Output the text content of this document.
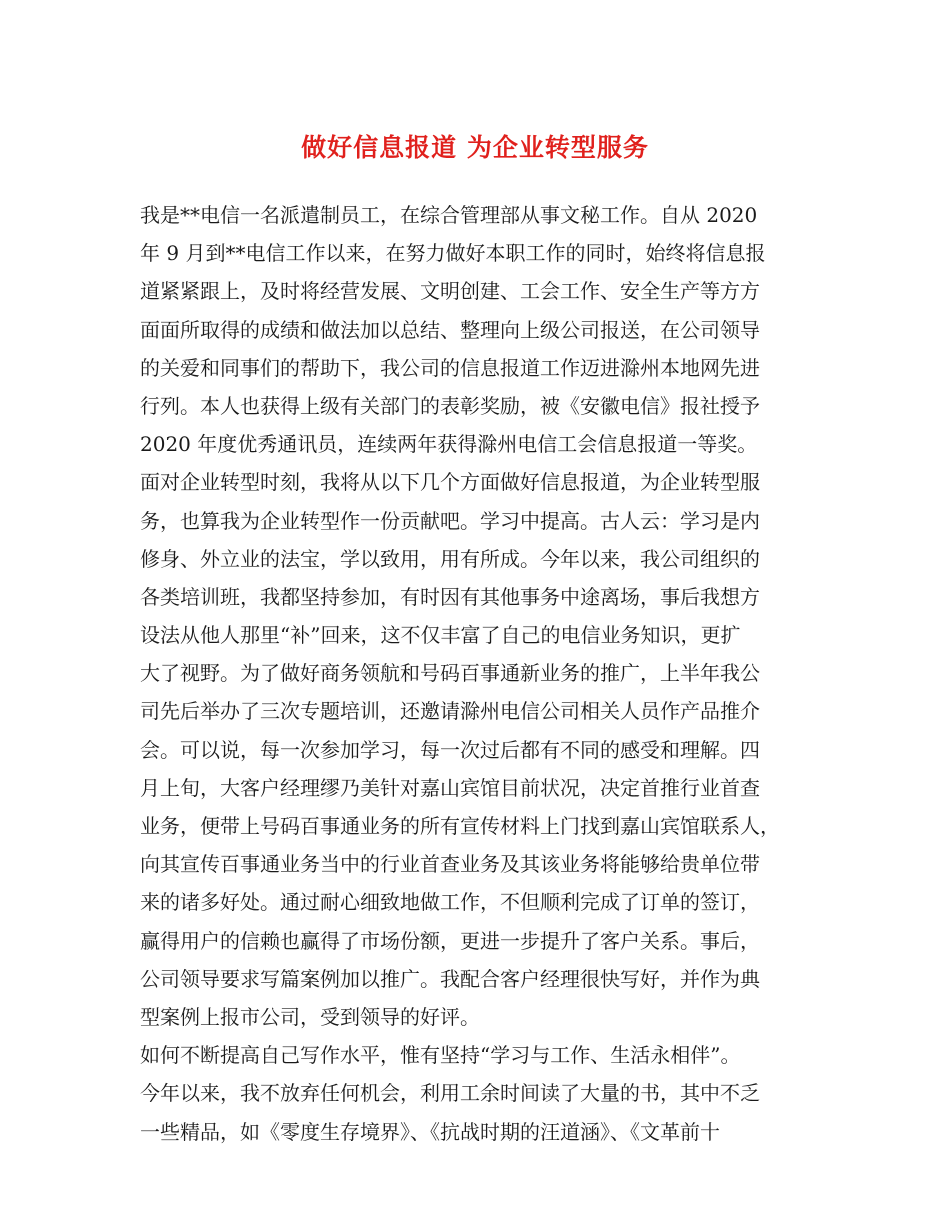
做好信息报道 为企业转型服务
我是**电信一名派遣制员工，在综合管理部从事文秘工作。自从 2020
年 9 月到**电信工作以来，在努力做好本职工作的同时，始终将信息报
道紧紧跟上，及时将经营发展、文明创建、工会工作、安全生产等方方
面面所取得的成绩和做法加以总结、整理向上级公司报送，在公司领导
的关爱和同事们的帮助下，我公司的信息报道工作迈进滁州本地网先进
行列。本人也获得上级有关部门的表彰奖励，被《安徽电信》报社授予
2020 年度优秀通讯员，连续两年获得滁州电信工会信息报道一等奖。
面对企业转型时刻，我将从以下几个方面做好信息报道，为企业转型服
务，也算我为企业转型作一份贡献吧。学习中提高。古人云：学习是内
修身、外立业的法宝，学以致用，用有所成。今年以来，我公司组织的
各类培训班，我都坚持参加，有时因有其他事务中途离场，事后我想方
设法从他人那里“补”回来，这不仅丰富了自己的电信业务知识，更扩
大了视野。为了做好商务领航和号码百事通新业务的推广，上半年我公
司先后举办了三次专题培训，还邀请滁州电信公司相关人员作产品推介
会。可以说，每一次参加学习，每一次过后都有不同的感受和理解。四
月上旬，大客户经理缪乃美针对嘉山宾馆目前状况，决定首推行业首查
业务，便带上号码百事通业务的所有宣传材料上门找到嘉山宾馆联系人，
向其宣传百事通业务当中的行业首查业务及其该业务将能够给贵单位带
来的诸多好处。通过耐心细致地做工作，不但顺利完成了订单的签订，
赢得用户的信赖也赢得了市场份额，更进一步提升了客户关系。事后，
公司领导要求写篇案例加以推广。我配合客户经理很快写好，并作为典
型案例上报市公司，受到领导的好评。
如何不断提高自己写作水平，惟有坚持“学习与工作、生活永相伴”。
今年以来，我不放弃任何机会，利用工余时间读了大量的书，其中不乏
一些精品，如《零度生存境界》、《抗战时期的汪道涵》、《文革前十
